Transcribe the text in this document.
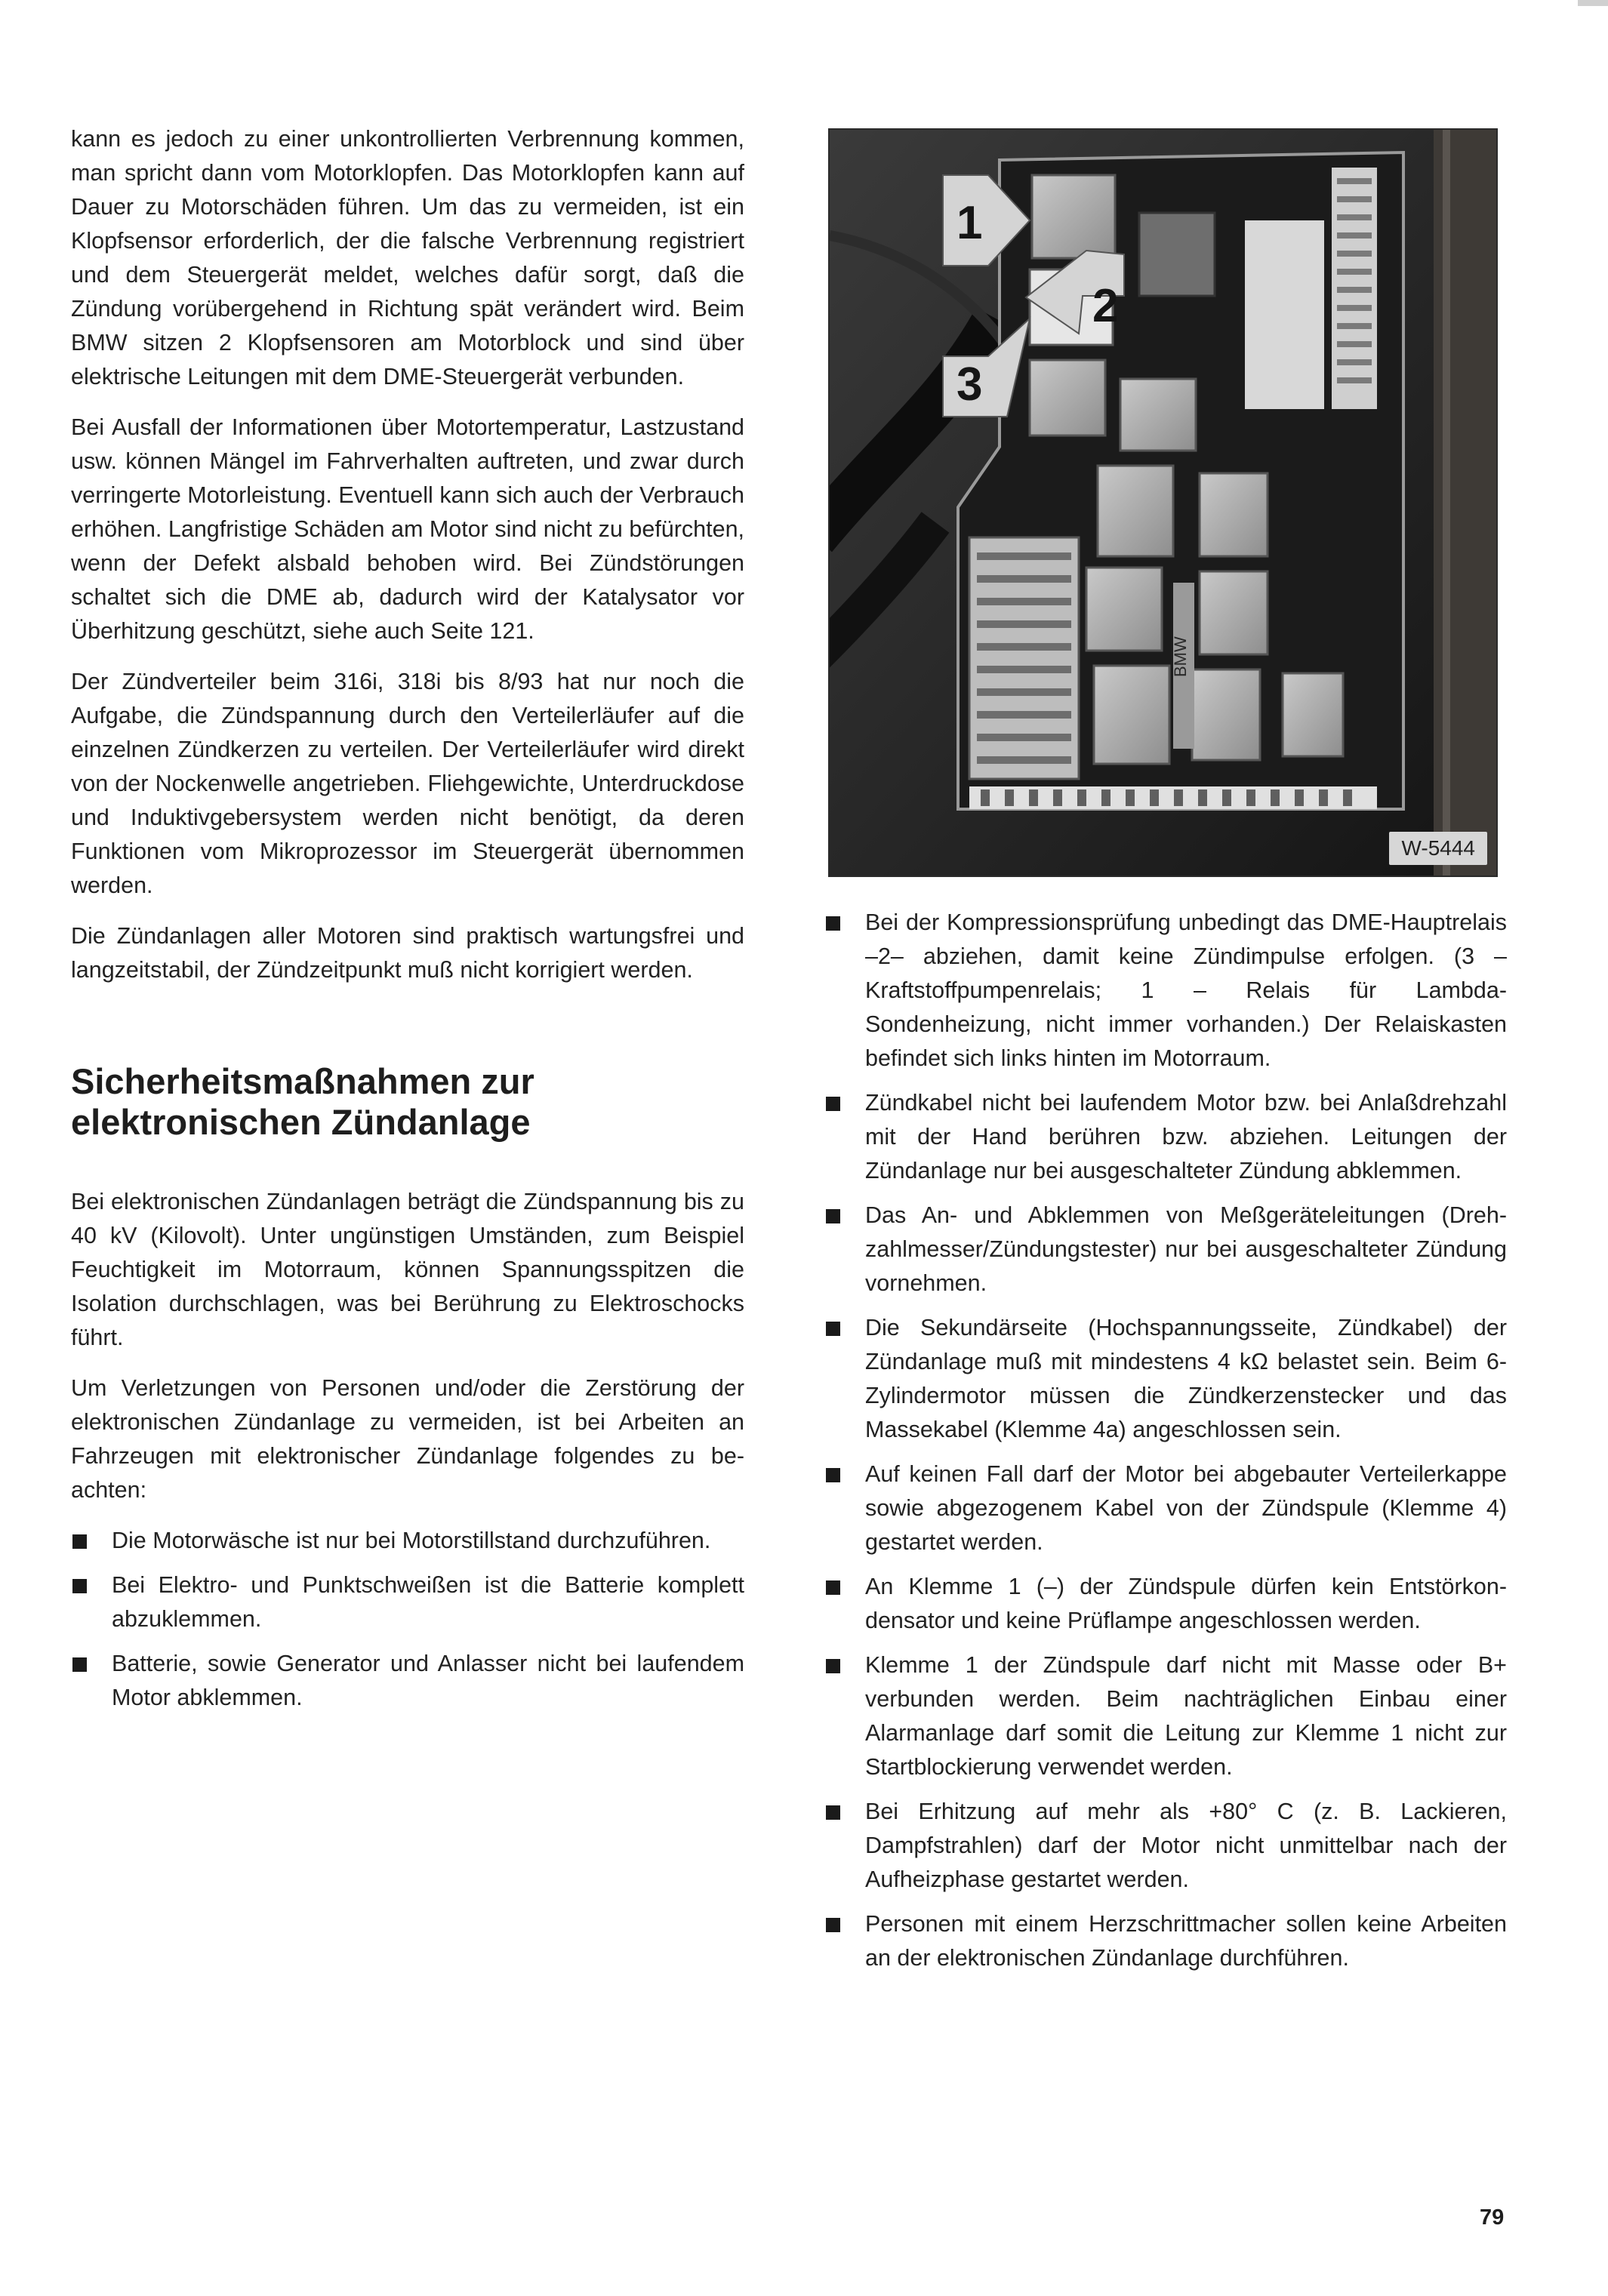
kann es jedoch zu einer unkontrollierten Verbrennung kommen, man spricht dann vom Motorklopfen. Das Motorklopfen kann auf Dauer zu Motorschäden führen. Um das zu vermeiden, ist ein Klopfsensor erforderlich, der die falsche Verbrennung registriert und dem Steuergerät meldet, welches dafür sorgt, daß die Zündung vorübergehend in Richtung spät verändert wird. Beim BMW sitzen 2 Klopfsensoren am Motorblock und sind über elektrische Leitungen mit dem DME-Steuergerät verbunden.

Bei Ausfall der Informationen über Motortemperatur, Lastzustand usw. können Mängel im Fahrverhalten auftreten, und zwar durch verringerte Motorleistung. Eventuell kann sich auch der Verbrauch erhöhen. Langfristige Schäden am Motor sind nicht zu befürchten, wenn der Defekt alsbald behoben wird. Bei Zündstörungen schaltet sich die DME ab, dadurch wird der Katalysator vor Überhitzung geschützt, siehe auch Seite 121.

Der Zündverteiler beim 316i, 318i bis 8/93 hat nur noch die Aufgabe, die Zündspannung durch den Verteilerläufer auf die einzelnen Zündkerzen zu verteilen. Der Verteilerläufer wird direkt von der Nockenwelle angetrieben. Fliehgewichte, Unterdruckdose und Induktivgebersystem werden nicht benötigt, da deren Funktionen vom Mikroprozessor im Steuergerät übernommen werden.

Die Zündanlagen aller Motoren sind praktisch wartungsfrei und langzeitstabil, der Zündzeitpunkt muß nicht korrigiert werden.

Sicherheitsmaßnahmen zur elektronischen Zündanlage

Bei elektronischen Zündanlagen beträgt die Zündspannung bis zu 40 kV (Kilovolt). Unter ungünstigen Umständen, zum Beispiel Feuchtigkeit im Motorraum, können Spannungsspitzen die Isolation durchschlagen, was bei Berührung zu Elektroschocks führt.

Um Verletzungen von Personen und/oder die Zerstörung der elektronischen Zündanlage zu vermeiden, ist bei Arbeiten an Fahrzeugen mit elektronischer Zündanlage folgendes zu beachten:

Die Motorwäsche ist nur bei Motorstillstand durchzuführen.
Bei Elektro- und Punktschweißen ist die Batterie komplett abzuklemmen.
Batterie, sowie Generator und Anlasser nicht bei laufendem Motor abklemmen.
1
2
3
BMW
W-5444
Bei der Kompressionsprüfung unbedingt das DME-Hauptrelais –2– abziehen, damit keine Zündimpulse erfolgen. (3 – Kraftstoffpumpenrelais; 1 – Relais für Lambda-Sondenheizung, nicht immer vorhanden.) Der Relaiskasten befindet sich links hinten im Motorraum.
Zündkabel nicht bei laufendem Motor bzw. bei Anlaßdrehzahl mit der Hand berühren bzw. abziehen. Leitungen der Zündanlage nur bei ausgeschalteter Zündung abklemmen.
Das An- und Abklemmen von Meßgeräteleitungen (Drehzahlmesser/Zündungstester) nur bei ausgeschalteter Zündung vornehmen.
Die Sekundärseite (Hochspannungsseite, Zündkabel) der Zündanlage muß mit mindestens 4 kΩ belastet sein. Beim 6-Zylindermotor müssen die Zündkerzenstecker und das Massekabel (Klemme 4a) angeschlossen sein.
Auf keinen Fall darf der Motor bei abgebauter Verteilerkappe sowie abgezogenem Kabel von der Zündspule (Klemme 4) gestartet werden.
An Klemme 1 (–) der Zündspule dürfen kein Entstörkondensator und keine Prüflampe angeschlossen werden.
Klemme 1 der Zündspule darf nicht mit Masse oder B+ verbunden werden. Beim nachträglichen Einbau einer Alarmanlage darf somit die Leitung zur Klemme 1 nicht zur Startblockierung verwendet werden.
Bei Erhitzung auf mehr als +80° C (z. B. Lackieren, Dampfstrahlen) darf der Motor nicht unmittelbar nach der Aufheizphase gestartet werden.
Personen mit einem Herzschrittmacher sollen keine Arbeiten an der elektronischen Zündanlage durchführen.
79
